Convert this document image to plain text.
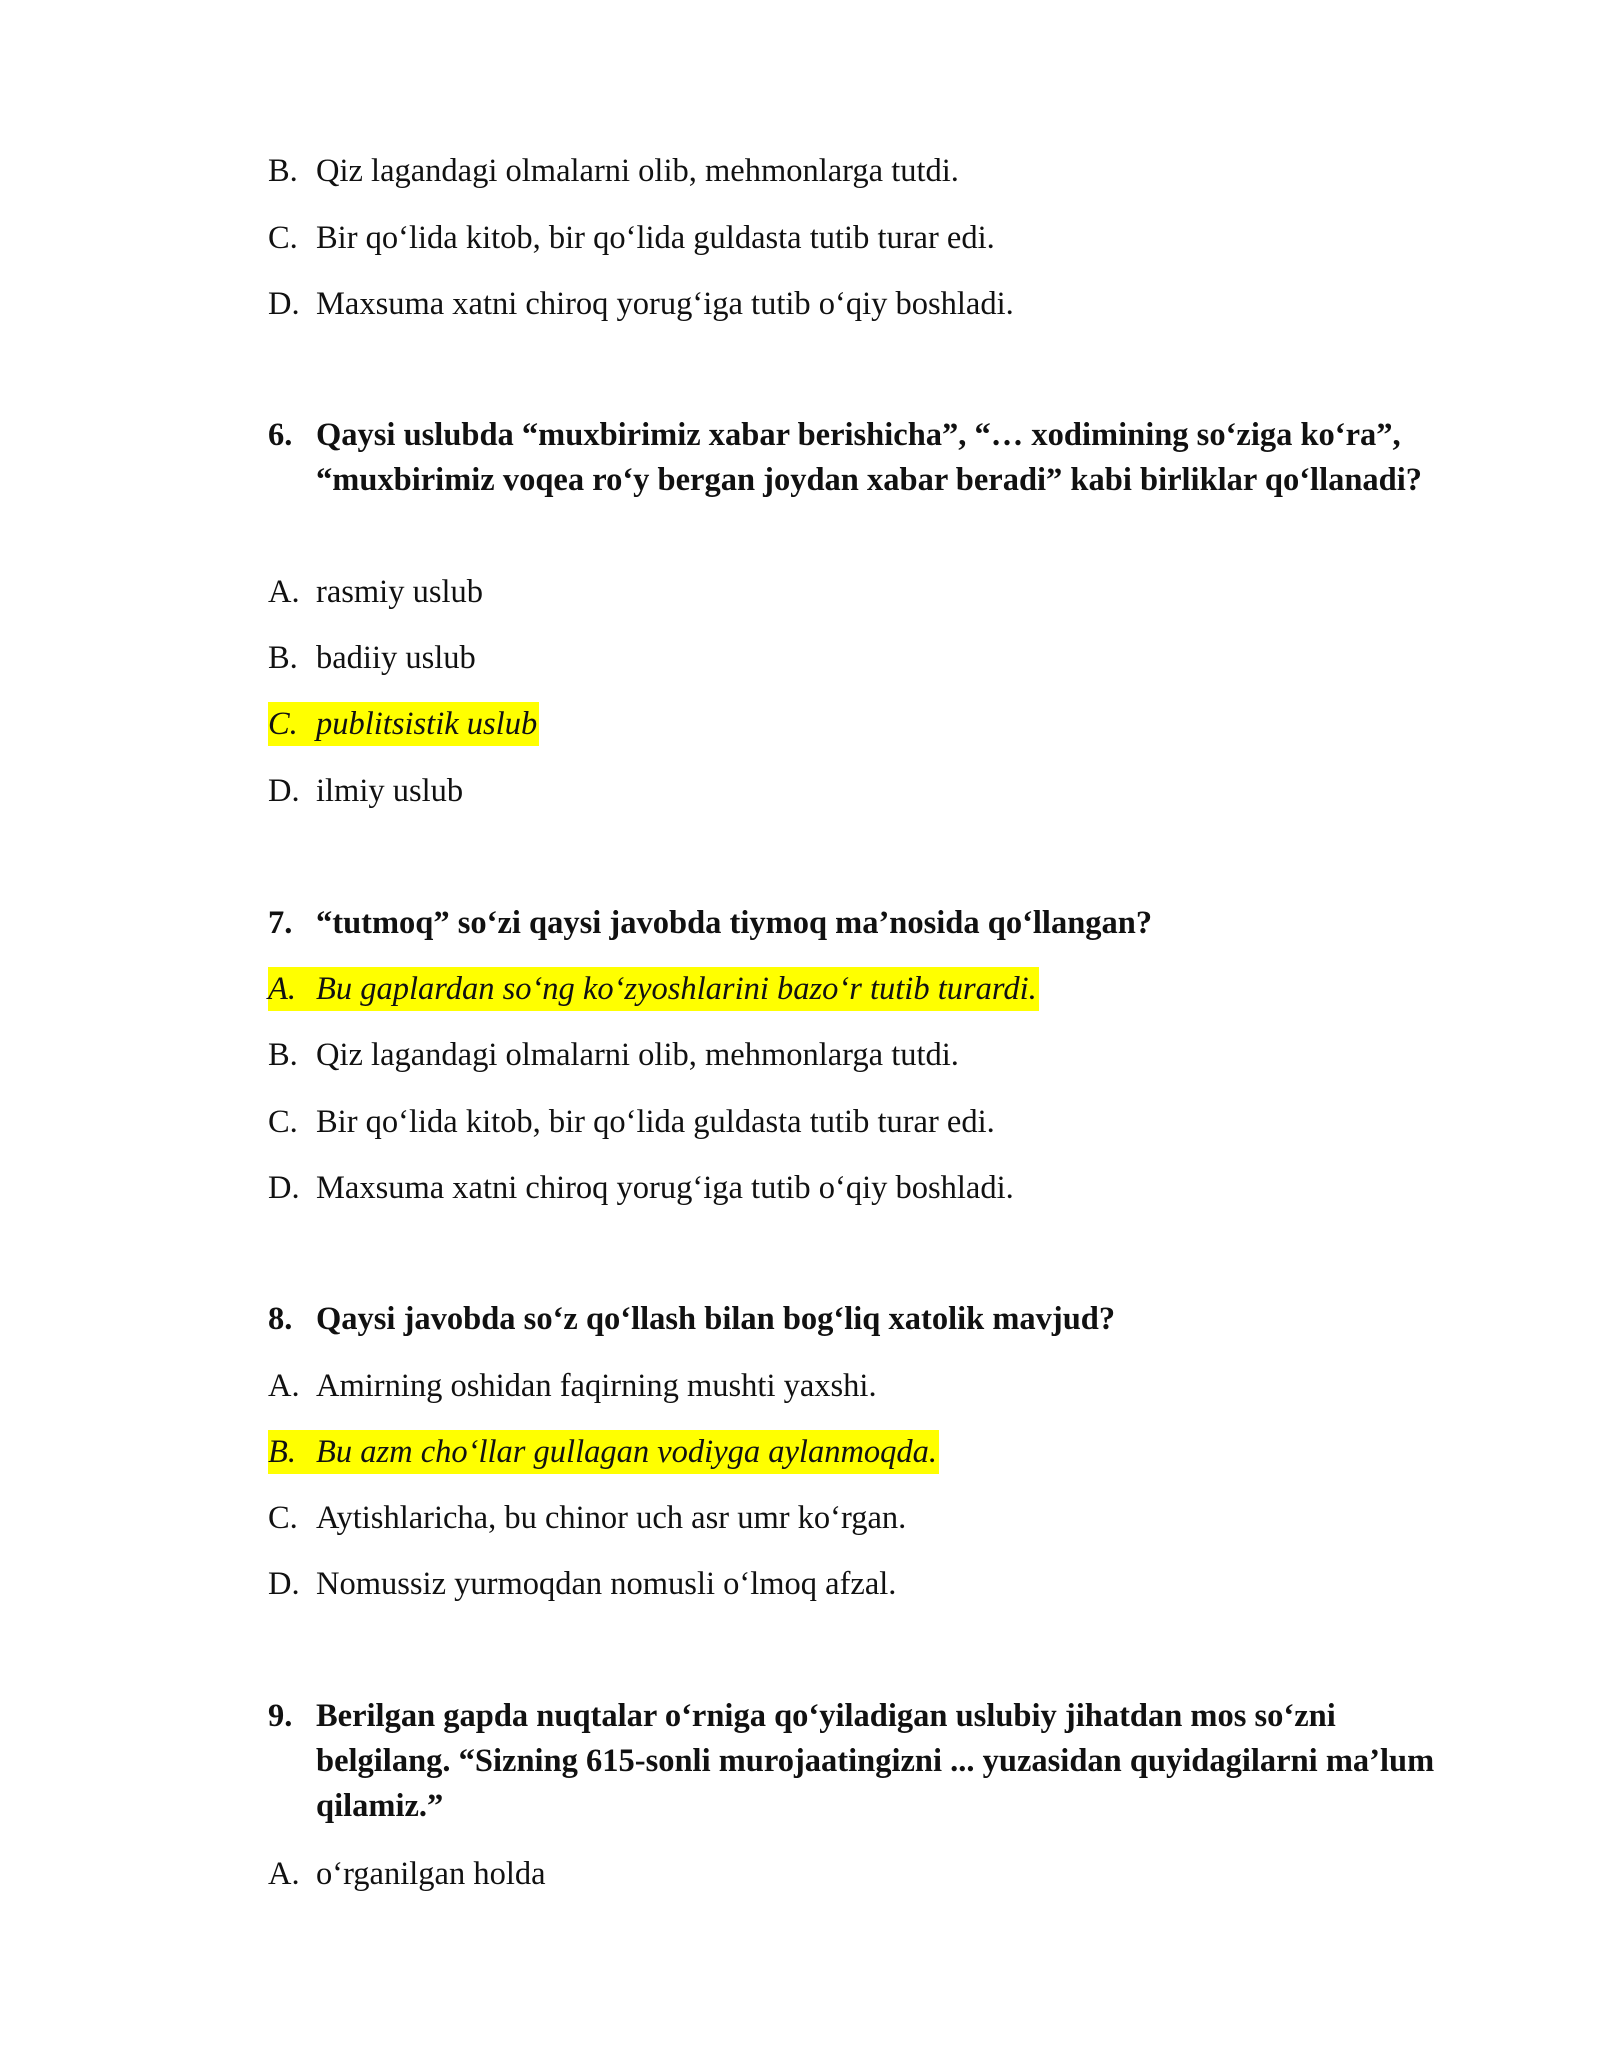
B. Qiz lagandagi olmalarni olib, mehmonlarga tutdi.
C. Bir qo‘lida kitob, bir qo‘lida guldasta tutib turar edi.
D. Maxsuma xatni chiroq yorug‘iga tutib o‘qiy boshladi.
6. Qaysi uslubda “muxbirimiz xabar berishicha”, “… xodimining so‘ziga ko‘ra”, “muxbirimiz voqea ro‘y bergan joydan xabar beradi” kabi birliklar qo‘llanadi?
A. rasmiy uslub
B. badiiy uslub
C. publitsistik uslub
D. ilmiy uslub
7. “tutmoq” so‘zi qaysi javobda tiymoq ma’nosida qo‘llangan?
A. Bu gaplardan so‘ng ko‘zyoshlarini bazo‘r tutib turardi.
B. Qiz lagandagi olmalarni olib, mehmonlarga tutdi.
C. Bir qo‘lida kitob, bir qo‘lida guldasta tutib turar edi.
D. Maxsuma xatni chiroq yorug‘iga tutib o‘qiy boshladi.
8. Qaysi javobda so‘z qo‘llash bilan bog‘liq xatolik mavjud?
A. Amirning oshidan faqirning mushti yaxshi.
B. Bu azm cho‘llar gullagan vodiyga aylanmoqda.
C. Aytishlaricha, bu chinor uch asr umr ko‘rgan.
D. Nomussiz yurmoqdan nomusli o‘lmoq afzal.
9. Berilgan gapda nuqtalar o‘rniga qo‘yiladigan uslubiy jihatdan mos so‘zni belgilang. “Sizning 615-sonli murojaatingizni ... yuzasidan quyidagilarni ma’lum qilamiz.”
A. o‘rganilgan holda
